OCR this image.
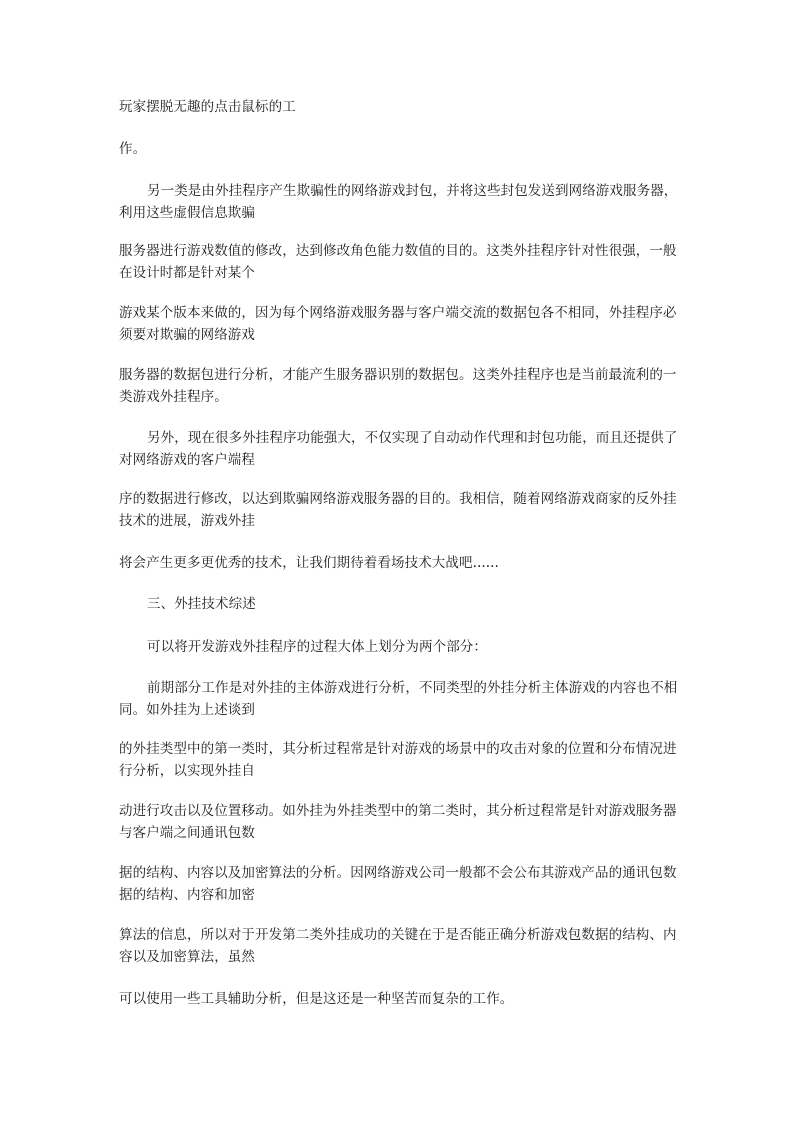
玩家摆脱无趣的点击鼠标的工

作。

另一类是由外挂程序产生欺骗性的网络游戏封包，并将这些封包发送到网络游戏服务器，利用这些虚假信息欺骗

服务器进行游戏数值的修改，达到修改角色能力数值的目的。这类外挂程序针对性很强，一般在设计时都是针对某个

游戏某个版本来做的，因为每个网络游戏服务器与客户端交流的数据包各不相同，外挂程序必须要对欺骗的网络游戏

服务器的数据包进行分析，才能产生服务器识别的数据包。这类外挂程序也是当前最流利的一类游戏外挂程序。

另外，现在很多外挂程序功能强大，不仅实现了自动动作代理和封包功能，而且还提供了对网络游戏的客户端程

序的数据进行修改，以达到欺骗网络游戏服务器的目的。我相信，随着网络游戏商家的反外挂技术的进展，游戏外挂

将会产生更多更优秀的技术，让我们期待着看场技术大战吧......

三、外挂技术综述

可以将开发游戏外挂程序的过程大体上划分为两个部分：

前期部分工作是对外挂的主体游戏进行分析，不同类型的外挂分析主体游戏的内容也不相同。如外挂为上述谈到

的外挂类型中的第一类时，其分析过程常是针对游戏的场景中的攻击对象的位置和分布情况进行分析，以实现外挂自

动进行攻击以及位置移动。如外挂为外挂类型中的第二类时，其分析过程常是针对游戏服务器与客户端之间通讯包数

据的结构、内容以及加密算法的分析。因网络游戏公司一般都不会公布其游戏产品的通讯包数据的结构、内容和加密

算法的信息，所以对于开发第二类外挂成功的关键在于是否能正确分析游戏包数据的结构、内容以及加密算法，虽然

可以使用一些工具辅助分析，但是这还是一种坚苦而复杂的工作。
